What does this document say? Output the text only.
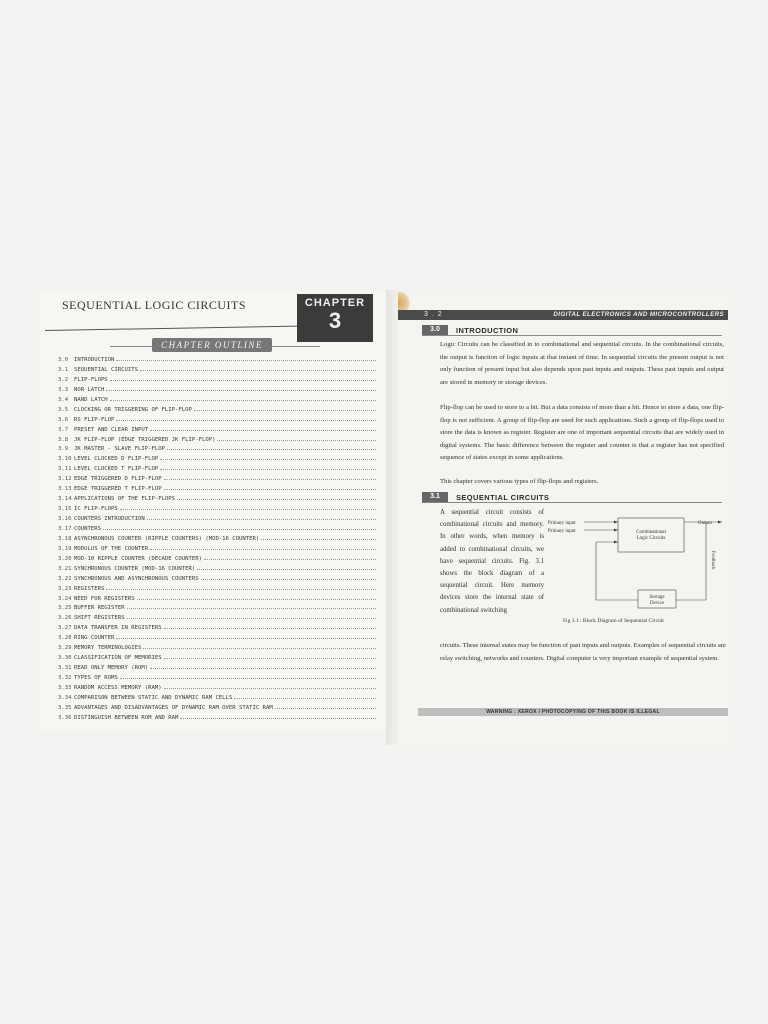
SEQUENTIAL LOGIC CIRCUITS	CHAPTER
3
CHAPTER OUTLINE
3.0	INTRODUCTION
3.1	SEQUENTIAL CIRCUITS
3.2	FLIP-FLOPS
3.3	NOR LATCH
3.4	NAND LATCH
3.5	CLOCKING OR TRIGGERING OF FLIP-FLOP
3.6	RS FLIP-FLOP
3.7	PRESET AND CLEAR INPUT
3.8	JK FLIP-FLOP (EDGE TRIGGERED JK FLIP-FLOP)
3.9	JK MASTER - SLAVE FLIP-FLOP
3.10 LEVEL CLOCKED D FLIP-FLOP
3.11 LEVEL CLOCKED T FLIP-FLOP
3.12 EDGE TRIGGERED D FLIP-FLOP
3.13 EDGE TRIGGERED T FLIP-FLOP
3.14 APPLICATIONS OF THE FLIP-FLOPS
3.15 IC FLIP-FLOPS
3.16 COUNTERS INTRODUCTION
3.17 COUNTERS
3.18 ASYNCHRONOUS COUNTER (RIPPLE COUNTERS) (MOD-16 COUNTER)
3.19 MODULUS OF THE COUNTER
3.20 MOD-10 RIPPLE COUNTER (DECADE COUNTER)
3.21 SYNCHRONOUS COUNTER (MOD-16 COUNTER)
3.22 SYNCHRONOUS AND ASYNCHRONOUS COUNTERS
3.23 REGISTERS
3.24 NEED FOR REGISTERS
3.25 BUFFER REGISTER
3.26 SHIFT REGISTERS
3.27 DATA TRANSFER IN REGISTERS
3.28 RING COUNTER
3.29 MEMORY TERMINOLOGIES
3.30 CLASSIFICATION OF MEMORIES
3.31 READ ONLY MEMORY (ROM)
3.32 TYPES OF ROMS
3.33 RANDOM ACCESS MEMORY (RAM)
3.34 COMPARISON BETWEEN STATIC AND DYNAMIC RAM CELLS
3.35 ADVANTAGES AND DISADVANTAGES OF DYNAMIC RAM OVER STATIC RAM
3.36 DISTINGUISH BETWEEN ROM AND RAM
3 . 2	DIGITAL ELECTRONICS AND MICROCONTROLLERS
3.0	INTRODUCTION

Logic Circuits can be classified in to combinational and sequential circuits. In the combinational circuits, the output is function of logic inputs at that instant of time. In sequential circuits the present output is not only function of present input but also depends upon past inputs and outputs. These past inputs and output are stored in memory or storage devices.

Flip-flop can be used to store to a bit. But a data consists of more than a bit. Hence to store a data, one flip-flop is not sufficient. A group of flip-flop are used for such applications. Such a group of flip-flops used to store the data is known as register. Register are one of important sequential circuits that are widely used in digital systems. The basic difference between the register and counter is that a register has not specified sequence of states except in some applications.

This chapter covers various types of flip-flops and registers.

3.1	SEQUENTIAL CIRCUITS

A sequential circuit consists of combinational circuits and memory. In other words, when memory is added to combinational circuits, we have sequential circuits. Fig. 3.1 shows the block diagram of a sequential circuit. Here memory devices store the internal state of combinational switching

Primary input
Primary input
Output
Combinational
Logic Circuits
Storage
Device
Feedback
Fig 3.1 : Block Diagram of Sequential Circuit

circuits. These internal states may be function of past inputs and outputs. Examples of sequential circuits are relay switching, networks and counters. Digital computer is very important example of sequential system.

WARNING : XEROX / PHOTOCOPYING OF THIS BOOK IS ILLEGAL
